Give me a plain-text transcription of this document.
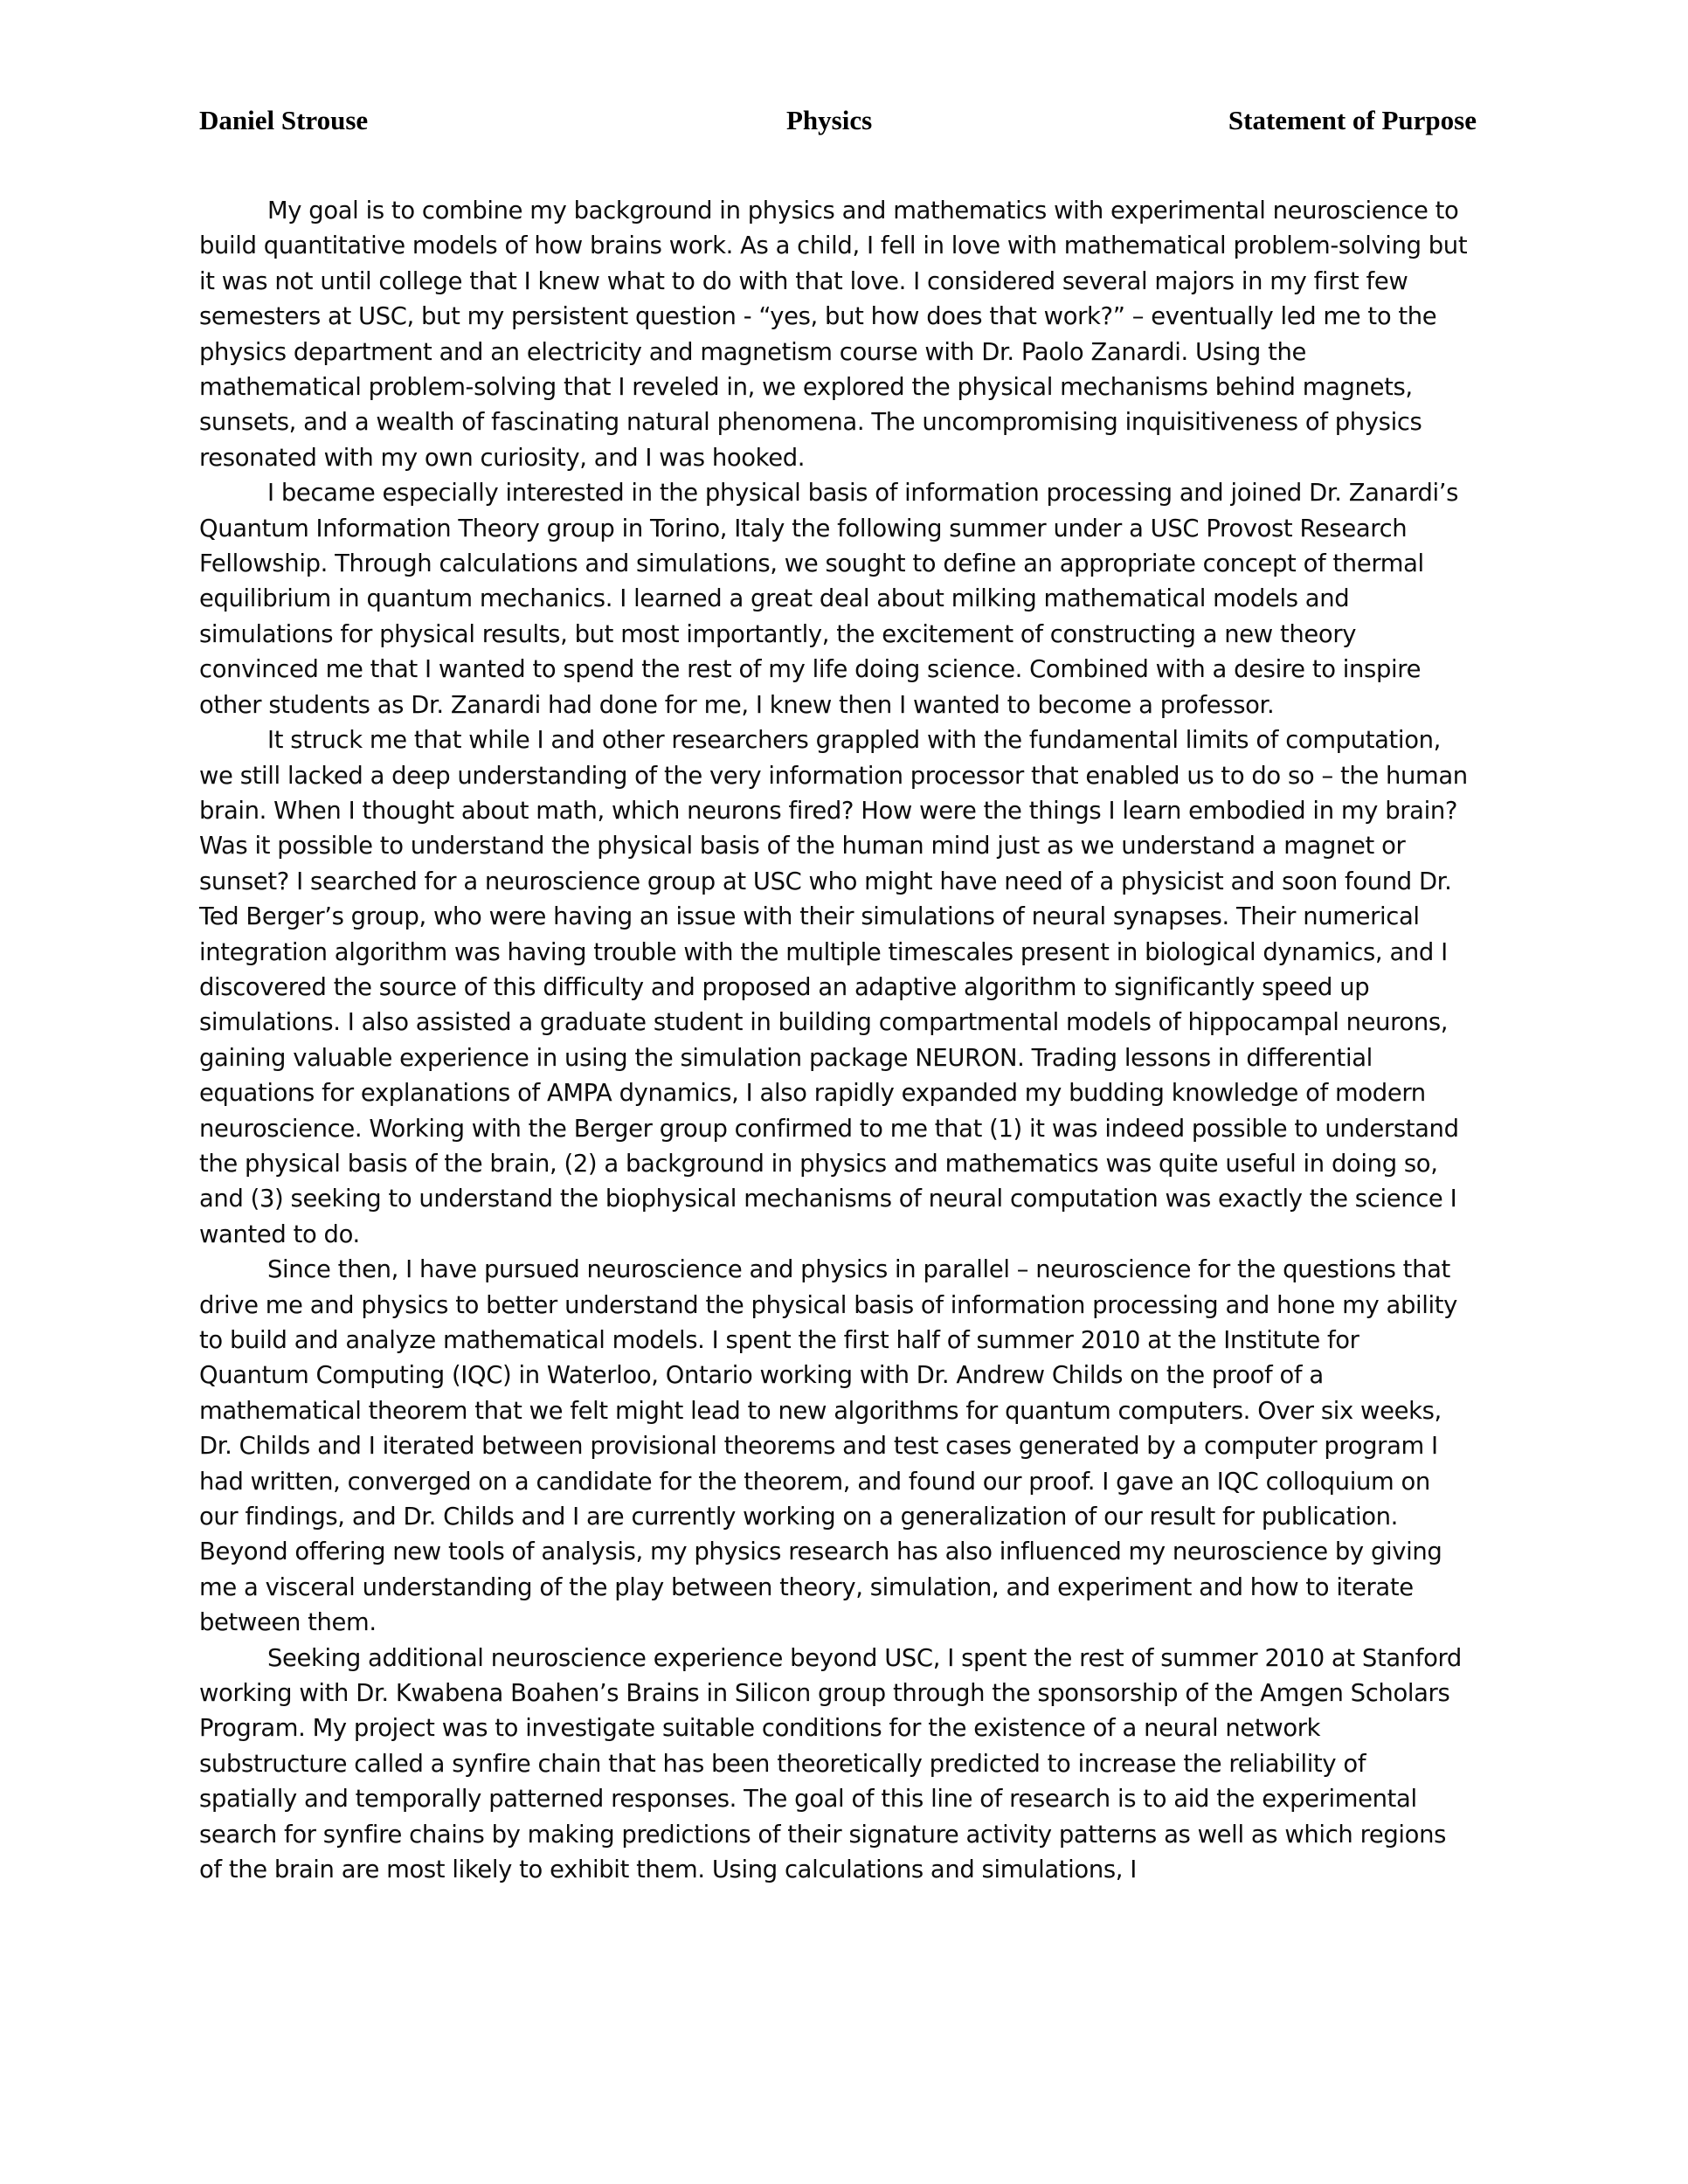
Daniel Strouse	Physics	Statement of Purpose

My goal is to combine my background in physics and mathematics with experimental neuroscience to build quantitative models of how brains work. As a child, I fell in love with mathematical problem-solving but it was not until college that I knew what to do with that love. I considered several majors in my first few semesters at USC, but my persistent question - “yes, but how does that work?” – eventually led me to the physics department and an electricity and magnetism course with Dr. Paolo Zanardi. Using the mathematical problem-solving that I reveled in, we explored the physical mechanisms behind magnets, sunsets, and a wealth of fascinating natural phenomena. The uncompromising inquisitiveness of physics resonated with my own curiosity, and I was hooked.

I became especially interested in the physical basis of information processing and joined Dr. Zanardi’s Quantum Information Theory group in Torino, Italy the following summer under a USC Provost Research Fellowship. Through calculations and simulations, we sought to define an appropriate concept of thermal equilibrium in quantum mechanics. I learned a great deal about milking mathematical models and simulations for physical results, but most importantly, the excitement of constructing a new theory convinced me that I wanted to spend the rest of my life doing science. Combined with a desire to inspire other students as Dr. Zanardi had done for me, I knew then I wanted to become a professor.

It struck me that while I and other researchers grappled with the fundamental limits of computation, we still lacked a deep understanding of the very information processor that enabled us to do so – the human brain. When I thought about math, which neurons fired? How were the things I learn embodied in my brain? Was it possible to understand the physical basis of the human mind just as we understand a magnet or sunset? I searched for a neuroscience group at USC who might have need of a physicist and soon found Dr. Ted Berger’s group, who were having an issue with their simulations of neural synapses. Their numerical integration algorithm was having trouble with the multiple timescales present in biological dynamics, and I discovered the source of this difficulty and proposed an adaptive algorithm to significantly speed up simulations. I also assisted a graduate student in building compartmental models of hippocampal neurons, gaining valuable experience in using the simulation package NEURON. Trading lessons in differential equations for explanations of AMPA dynamics, I also rapidly expanded my budding knowledge of modern neuroscience. Working with the Berger group confirmed to me that (1) it was indeed possible to understand the physical basis of the brain, (2) a background in physics and mathematics was quite useful in doing so, and (3) seeking to understand the biophysical mechanisms of neural computation was exactly the science I wanted to do.

Since then, I have pursued neuroscience and physics in parallel – neuroscience for the questions that drive me and physics to better understand the physical basis of information processing and hone my ability to build and analyze mathematical models. I spent the first half of summer 2010 at the Institute for Quantum Computing (IQC) in Waterloo, Ontario working with Dr. Andrew Childs on the proof of a mathematical theorem that we felt might lead to new algorithms for quantum computers. Over six weeks, Dr. Childs and I iterated between provisional theorems and test cases generated by a computer program I had written, converged on a candidate for the theorem, and found our proof. I gave an IQC colloquium on our findings, and Dr. Childs and I are currently working on a generalization of our result for publication. Beyond offering new tools of analysis, my physics research has also influenced my neuroscience by giving me a visceral understanding of the play between theory, simulation, and experiment and how to iterate between them.

Seeking additional neuroscience experience beyond USC, I spent the rest of summer 2010 at Stanford working with Dr. Kwabena Boahen’s Brains in Silicon group through the sponsorship of the Amgen Scholars Program. My project was to investigate suitable conditions for the existence of a neural network substructure called a synfire chain that has been theoretically predicted to increase the reliability of spatially and temporally patterned responses. The goal of this line of research is to aid the experimental search for synfire chains by making predictions of their signature activity patterns as well as which regions of the brain are most likely to exhibit them. Using calculations and simulations, I
